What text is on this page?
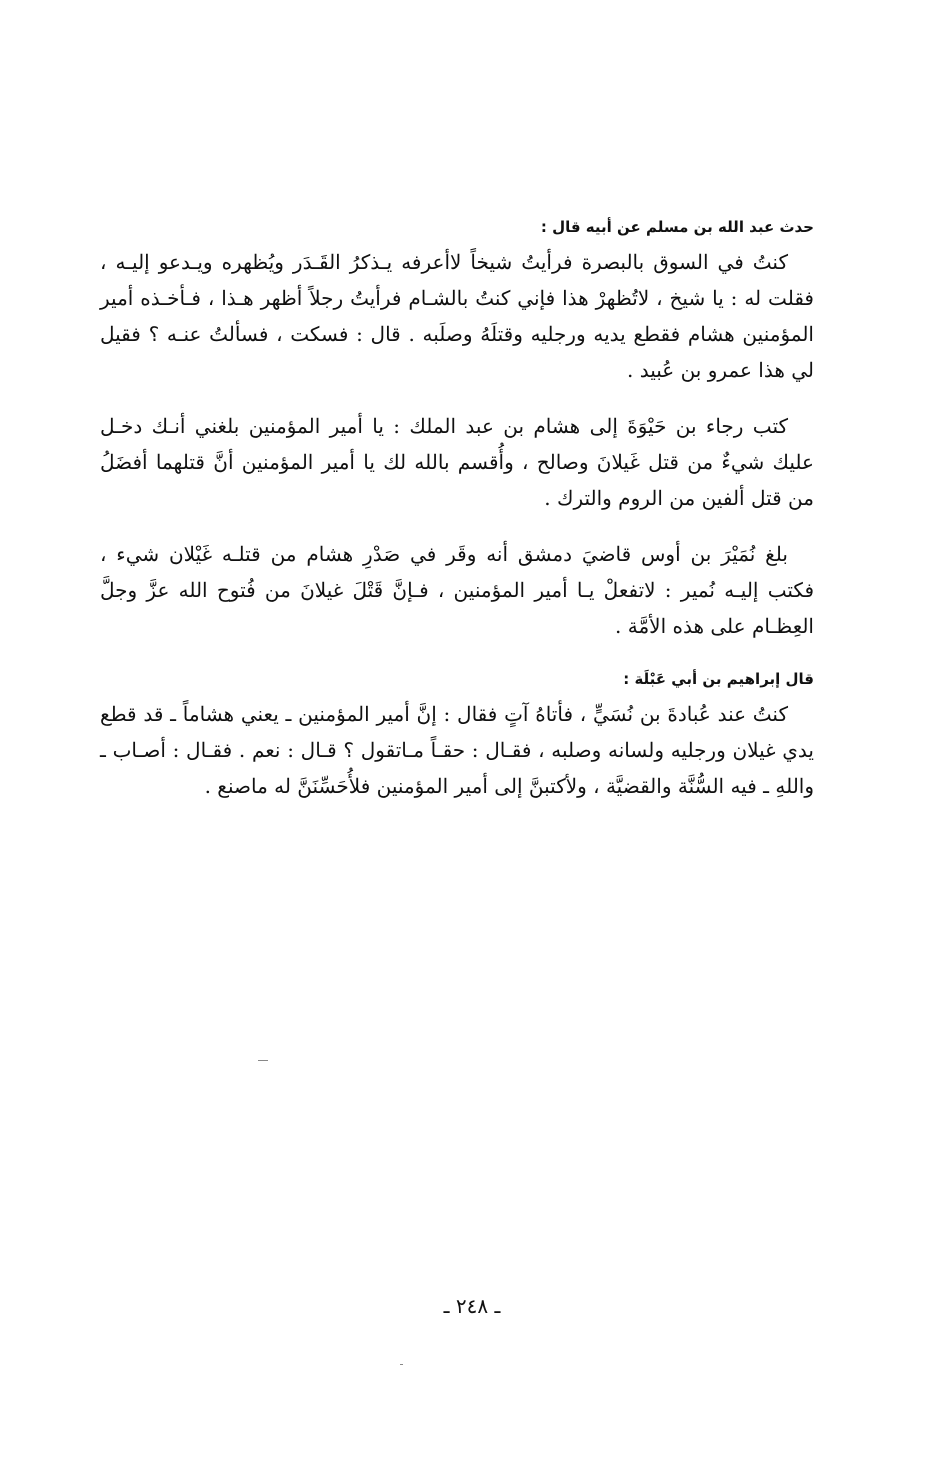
حدث عبد الله بن مسلم عن أبيه قال :

كنتُ في السوق بالبصرة فرأيتُ شيخاً لاأعرفه يـذكرُ القَـدَر ويُظهره ويـدعو إليـه ، فقلت له : يا شيخ ، لاتُظهرْ هذا فإني كنتُ بالشـام فرأيتُ رجلاً أظهر هـذا ، فـأخـذه أمير المؤمنين هشام فقطع يديه ورجليه وقتلَهُ وصلَبه . قال : فسكت ، فسألتُ عنـه ؟ فقيل لي هذا عمرو بن عُبيد .

كتب رجاء بن حَيْوَةَ إلى هشام بن عبد الملك : يا أمير المؤمنين بلغني أنـك دخـل عليك شيءٌ من قتل غَيلانَ وصالح ، وأُقسم بالله لك يا أمير المؤمنين أنَّ قتلهما أفضَلُ من قتل ألفين من الروم والترك .

بلغ نُمَيْرَ بن أوس قاضيَ دمشق أنه وقَر في صَدْرِ هشام من قتلـه غَيْلان شيء ، فكتب إليـه نُمير : لاتفعلْ يـا أمير المؤمنين ، فـإنَّ قَتْلَ غيلانَ من فُتوح الله عزَّ وجلَّ العِظـام على هذه الأمَّة .

قال إبراهيم بن أبي عَبْلَة :

كنتُ عند عُبادةَ بن نُسَيٍّ ، فأتاهُ آتٍ فقال : إنَّ أمير المؤمنين ـ يعني هشاماً ـ قد قطع يدي غيلان ورجليه ولسانه وصلبه ، فقـال : حقـاً مـاتقول ؟ قـال : نعم . فقـال : أصـاب ـ واللهِ ـ فيه السُّنَّة والقضيَّة ، ولأكتبنَّ إلى أمير المؤمنين فلأُحَسِّنَنَّ له ماصنع .

ـ ٢٤٨ ـ
